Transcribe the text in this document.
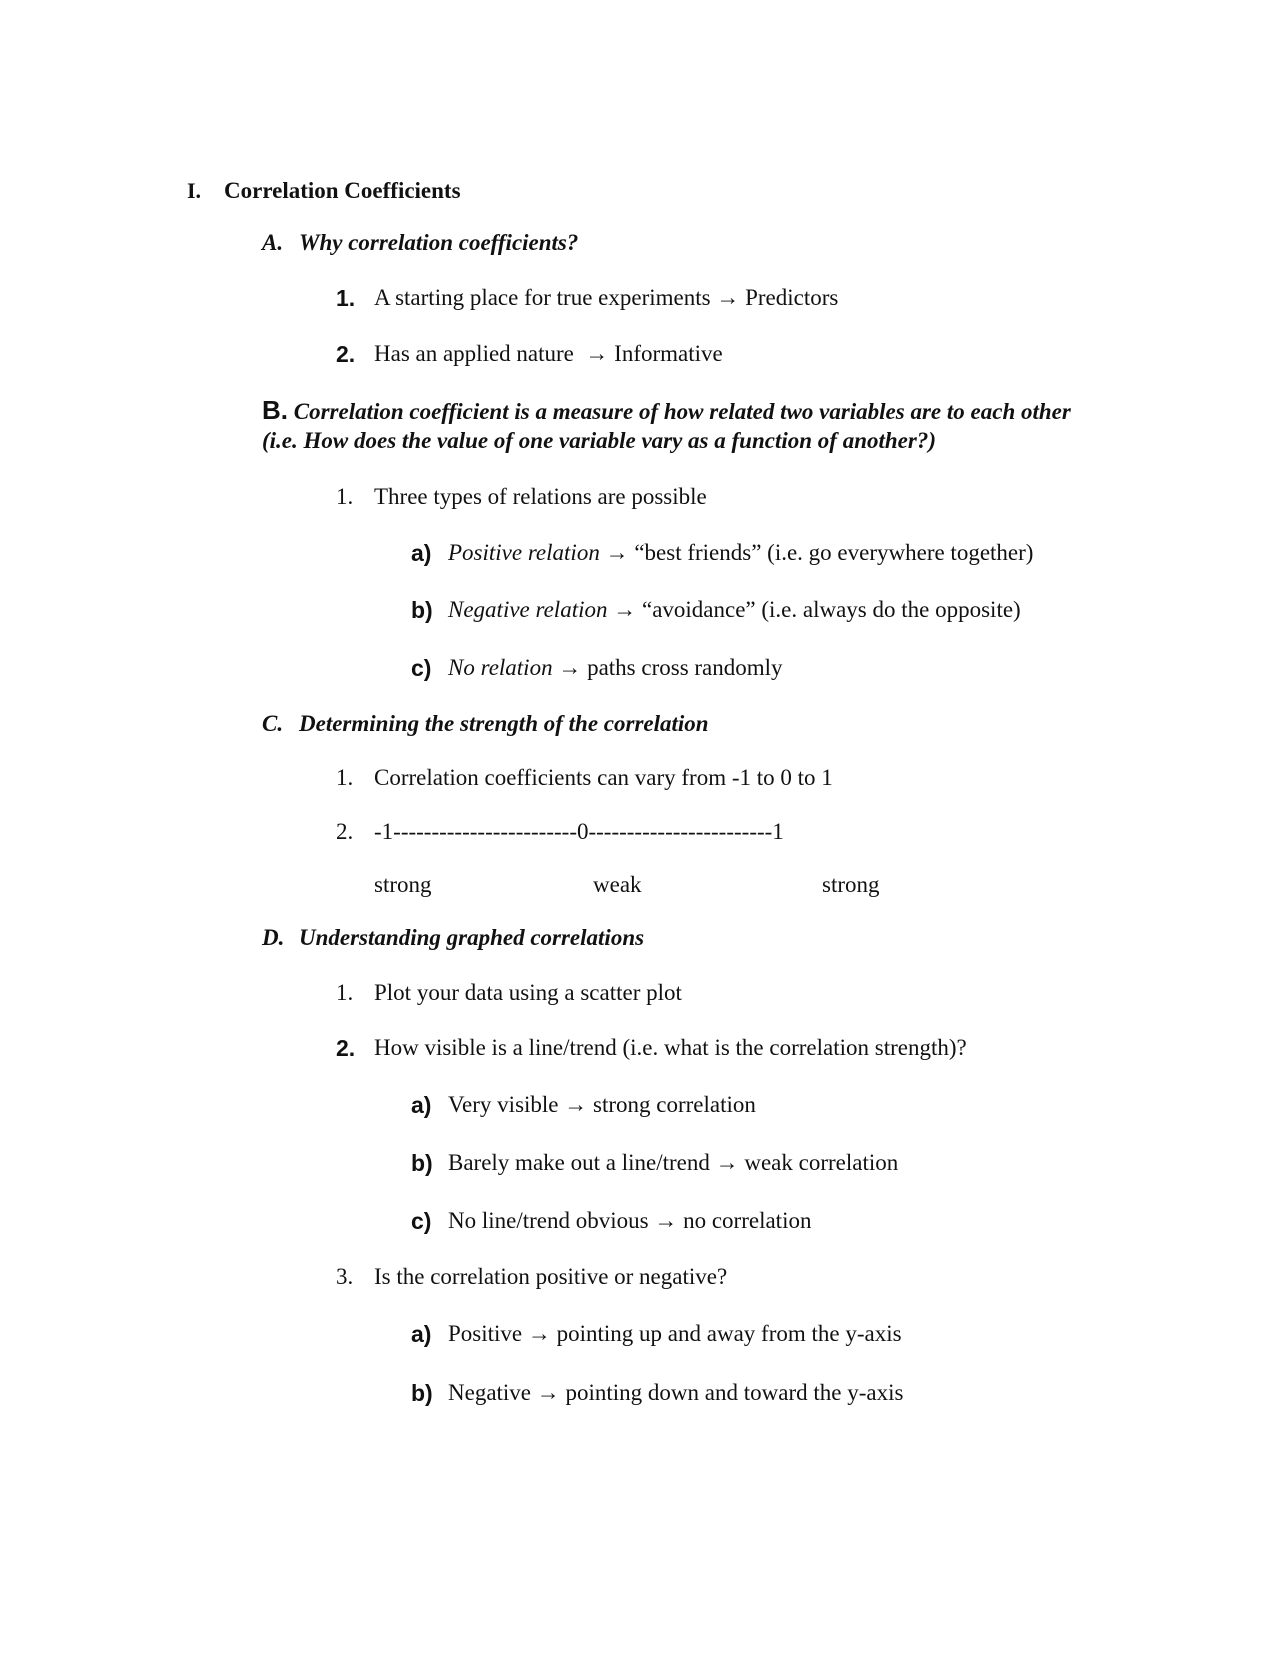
I. Correlation Coefficients
A. Why correlation coefficients?
1. A starting place for true experiments → Predictors
2. Has an applied nature → Informative
B. Correlation coefficient is a measure of how related two variables are to each other (i.e. How does the value of one variable vary as a function of another?)
1. Three types of relations are possible
a) Positive relation → “best friends” (i.e. go everywhere together)
b) Negative relation → “avoidance” (i.e. always do the opposite)
c) No relation → paths cross randomly
C. Determining the strength of the correlation
1. Correlation coefficients can vary from -1 to 0 to 1
2. -1------------------------0------------------------1
strong	weak	strong
D. Understanding graphed correlations
1. Plot your data using a scatter plot
2. How visible is a line/trend (i.e. what is the correlation strength)?
a) Very visible → strong correlation
b) Barely make out a line/trend → weak correlation
c) No line/trend obvious → no correlation
3. Is the correlation positive or negative?
a) Positive → pointing up and away from the y-axis
b) Negative → pointing down and toward the y-axis
